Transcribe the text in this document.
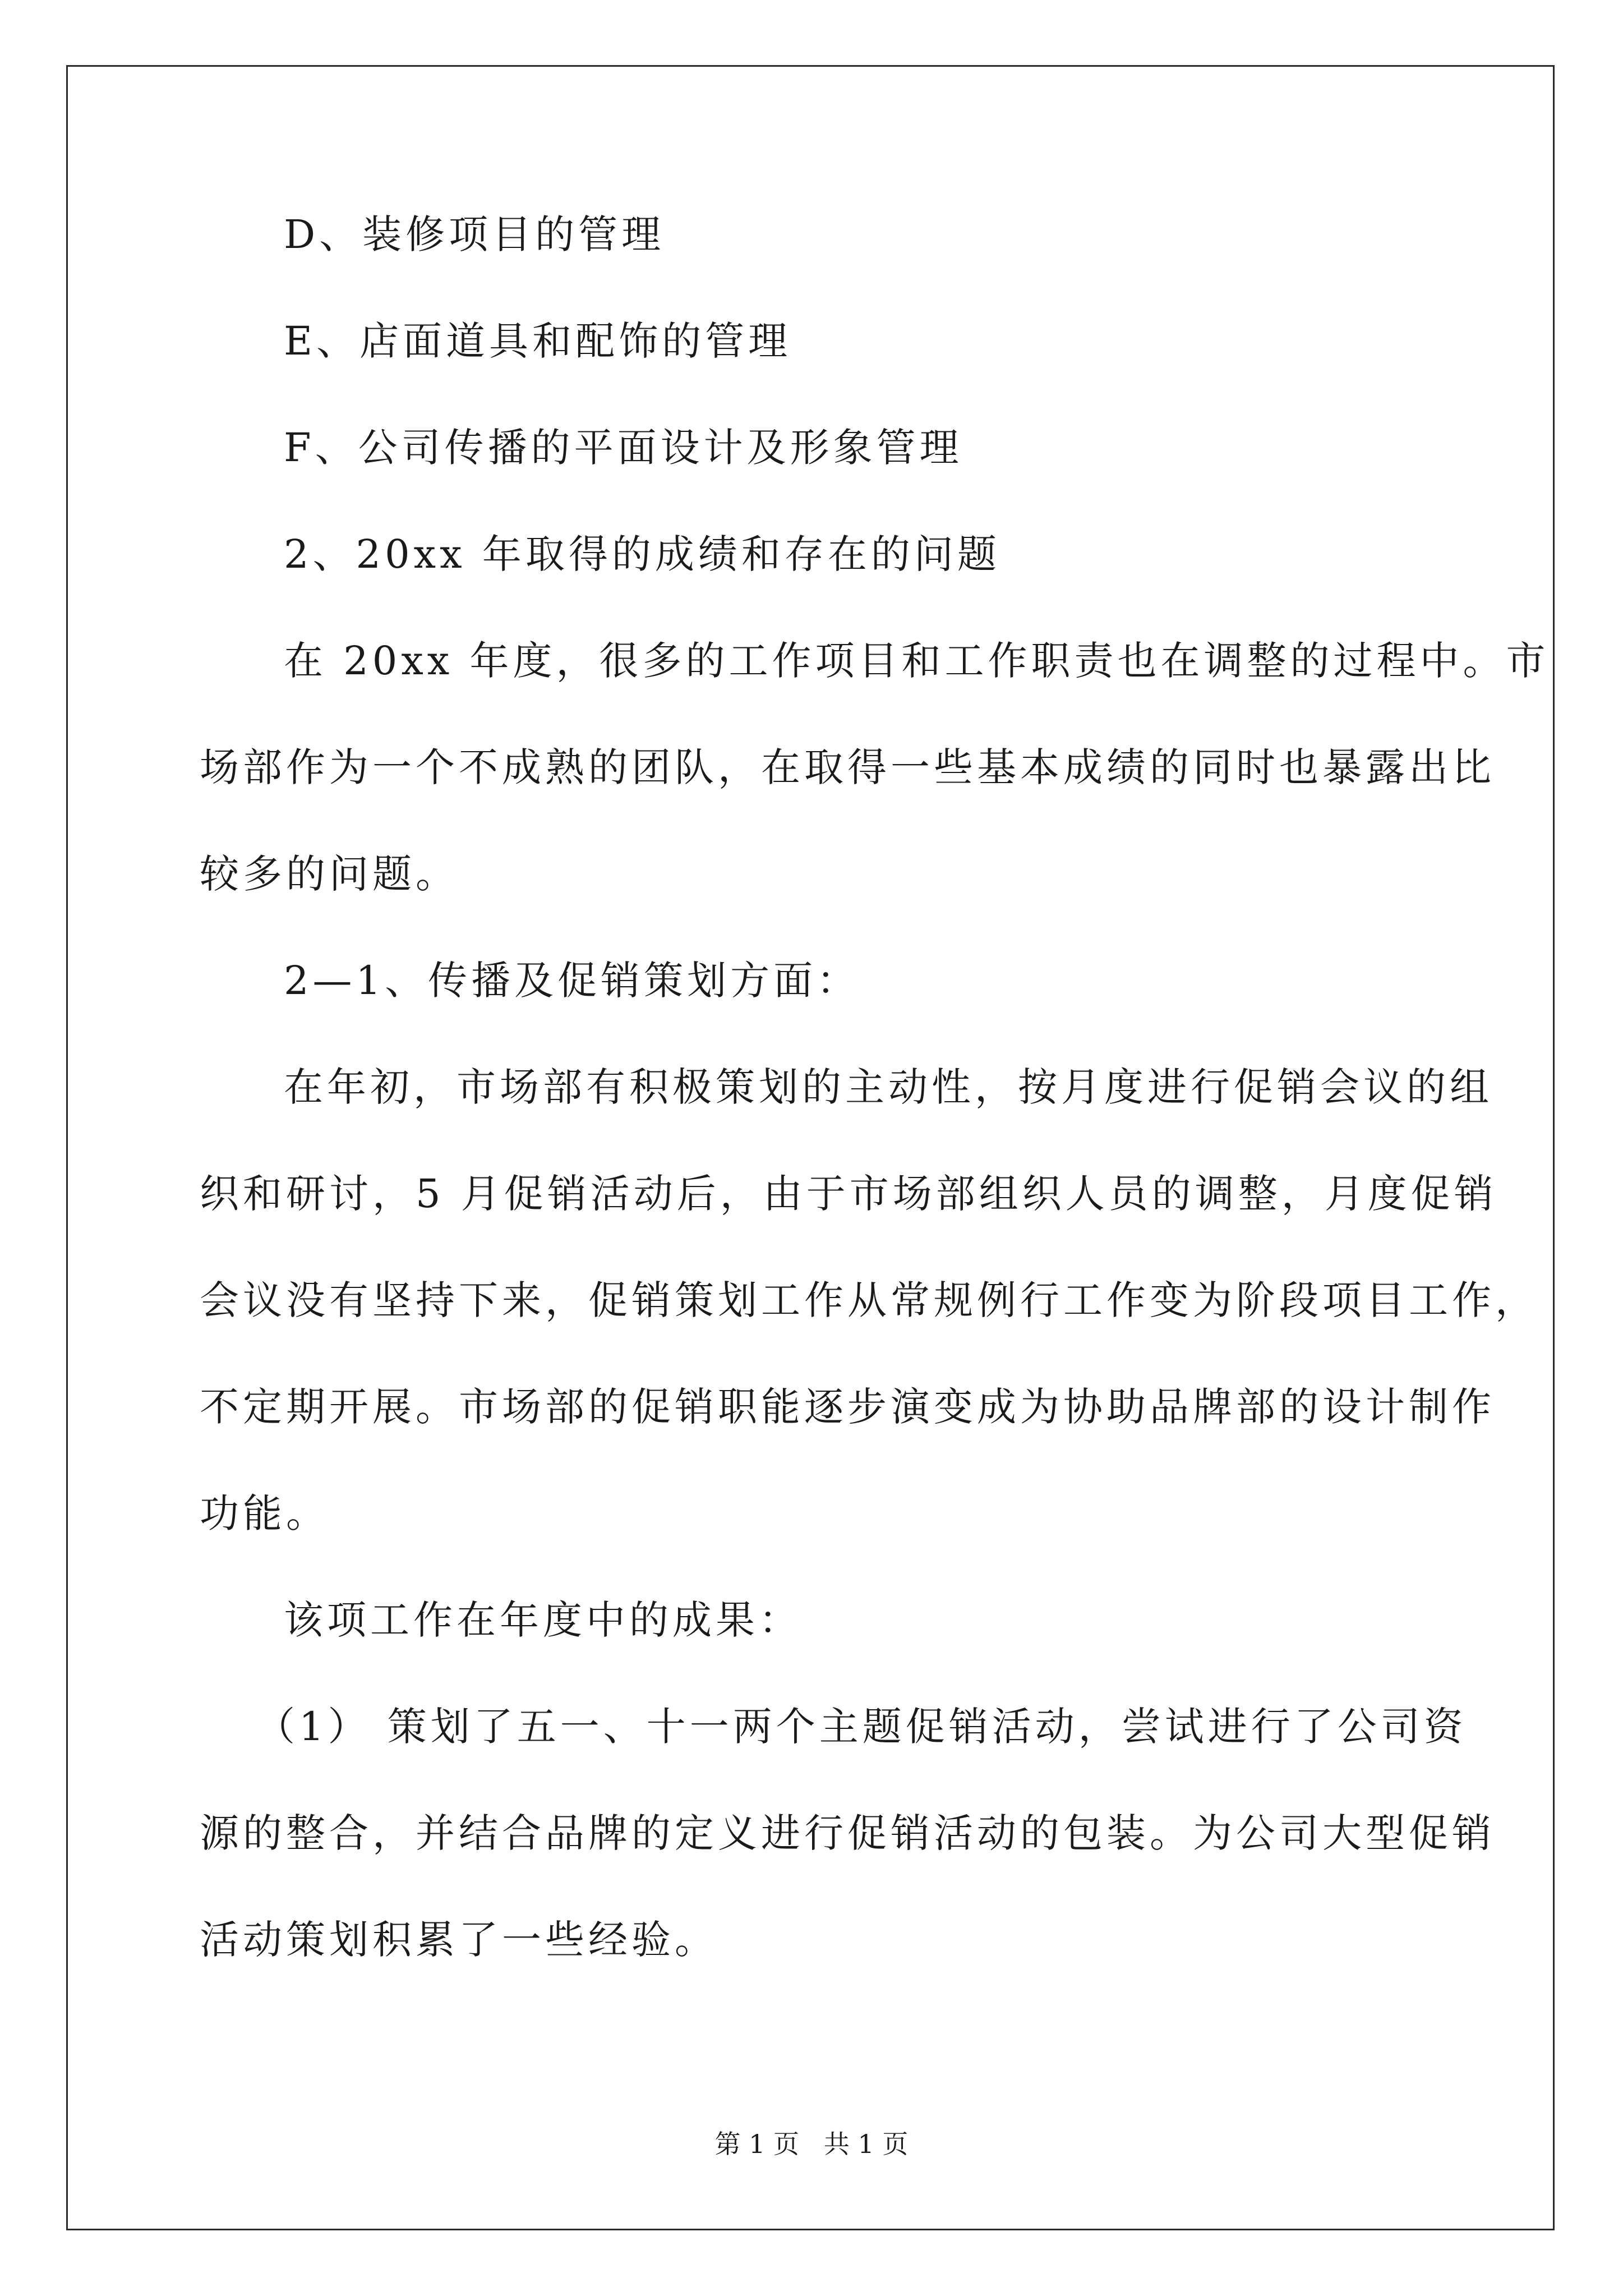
D、装修项目的管理
E、店面道具和配饰的管理
F、公司传播的平面设计及形象管理
2、20xx 年取得的成绩和存在的问题
在 20xx 年度，很多的工作项目和工作职责也在调整的过程中。市
场部作为一个不成熟的团队，在取得一些基本成绩的同时也暴露出比
较多的问题。
2—1、传播及促销策划方面：
在年初，市场部有积极策划的主动性，按月度进行促销会议的组
织和研讨，5 月促销活动后，由于市场部组织人员的调整，月度促销
会议没有坚持下来，促销策划工作从常规例行工作变为阶段项目工作，
不定期开展。市场部的促销职能逐步演变成为协助品牌部的设计制作
功能。
该项工作在年度中的成果：
（1） 策划了五一、十一两个主题促销活动，尝试进行了公司资
源的整合，并结合品牌的定义进行促销活动的包装。为公司大型促销
活动策划积累了一些经验。
第 1 页   共 1 页
